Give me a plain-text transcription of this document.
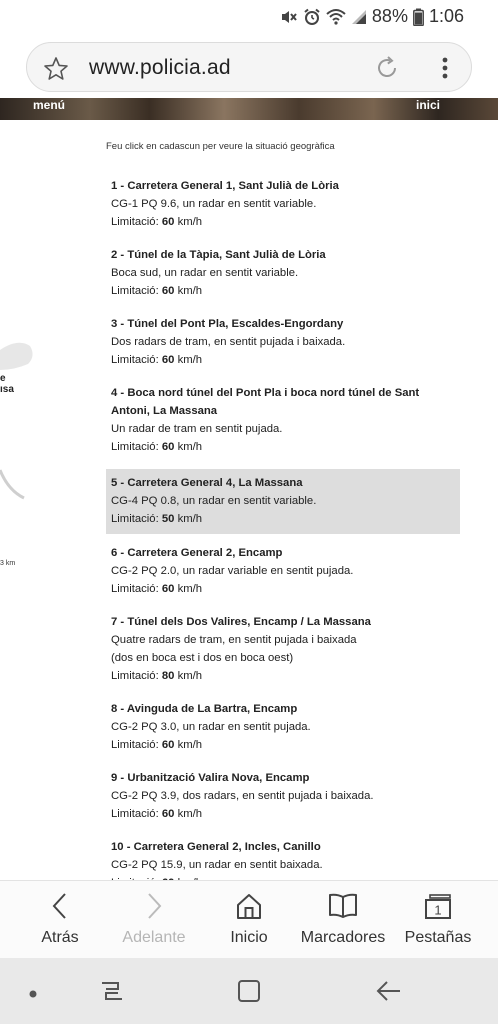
88% 1:06
www.policia.ad
menú	inici
e
ısa
3 km
Feu click en cadascun per veure la situació geogràfica
1 - Carretera General 1, Sant Julià de Lòria
CG-1 PQ 9.6, un radar en sentit variable.
Limitació: 60 km/h
2 - Túnel de la Tàpia, Sant Julià de Lòria
Boca sud, un radar en sentit variable.
Limitació: 60 km/h
3 - Túnel del Pont Pla, Escaldes-Engordany
Dos radars de tram, en sentit pujada i baixada.
Limitació: 60 km/h
4 - Boca nord túnel del Pont Pla i boca nord túnel de Sant Antoni, La Massana
Un radar de tram en sentit pujada.
Limitació: 60 km/h
5 - Carretera General 4, La Massana
CG-4 PQ 0.8, un radar en sentit variable.
Limitació: 50 km/h
6 - Carretera General 2, Encamp
CG-2 PQ 2.0, un radar variable en sentit pujada.
Limitació: 60 km/h
7 - Túnel dels Dos Valires, Encamp / La Massana
Quatre radars de tram, en sentit pujada i baixada
(dos en boca est i dos en boca oest)
Limitació: 80 km/h
8 - Avinguda de La Bartra, Encamp
CG-2 PQ 3.0, un radar en sentit pujada.
Limitació: 60 km/h
9 - Urbanització Valira Nova, Encamp
CG-2 PQ 3.9, dos radars, en sentit pujada i baixada.
Limitació: 60 km/h
10 - Carretera General 2, Incles, Canillo
CG-2 PQ 15.9, un radar en sentit baixada.
Atrás	Adelante	Inicio	Marcadores
1
Pestañas
